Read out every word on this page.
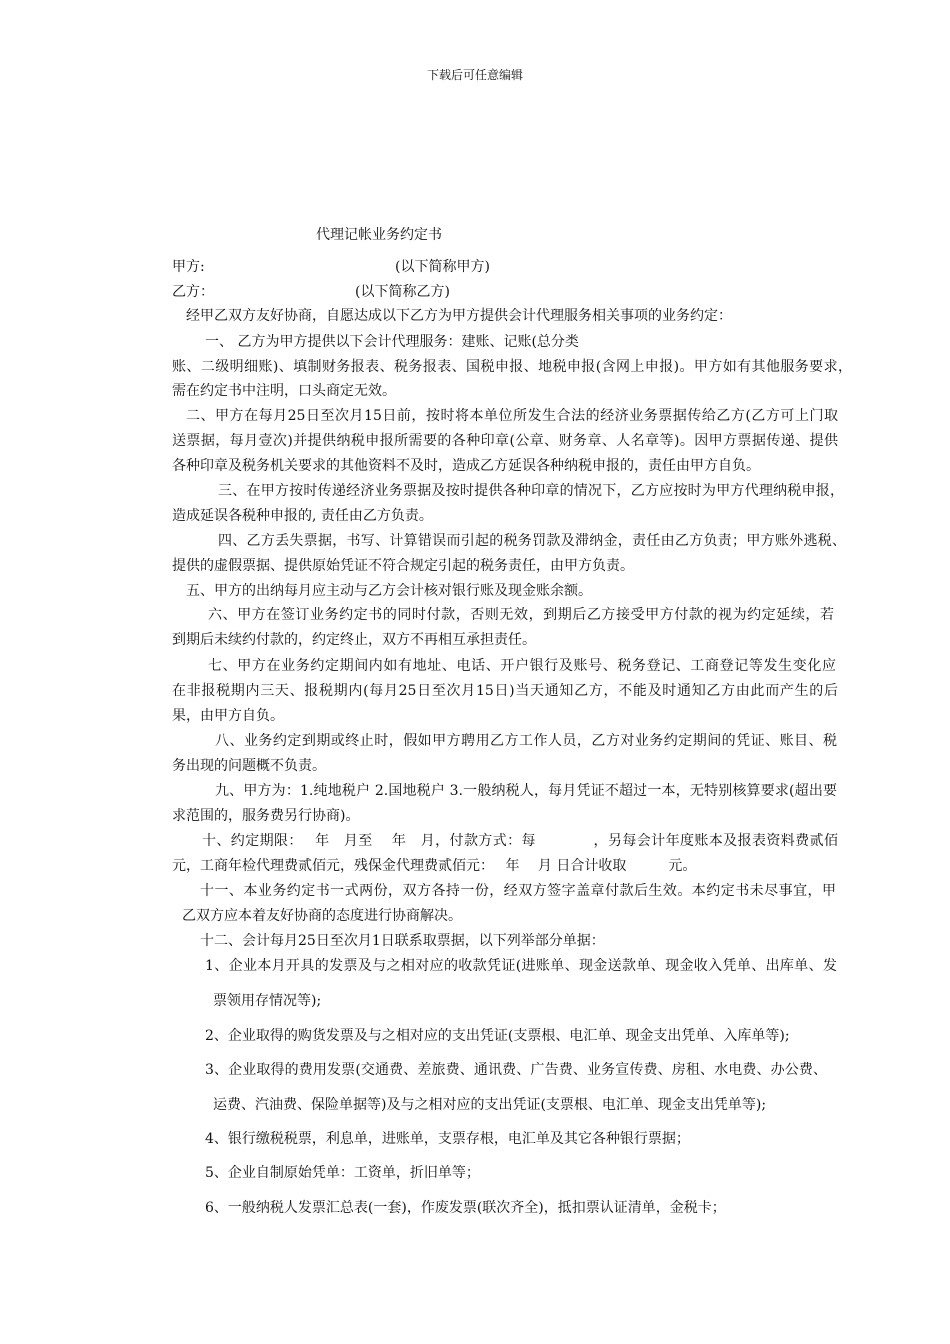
下载后可任意编辑
代理记帐业务约定书
甲方:	(以下简称甲方)
乙方：	(以下简称乙方)
经甲乙双方友好协商，自愿达成以下乙方为甲方提供会计代理服务相关事项的业务约定：
一、 乙方为甲方提供以下会计代理服务：建账、记账(总分类
账、二级明细账)、填制财务报表、税务报表、国税申报、地税申报(含网上申报)。甲方如有其他服务要求，
需在约定书中注明，口头商定无效。
二、甲方在每月25日至次月15日前，按时将本单位所发生合法的经济业务票据传给乙方(乙方可上门取
送票据，每月壹次)并提供纳税申报所需要的各种印章(公章、财务章、人名章等)。因甲方票据传递、提供
各种印章及税务机关要求的其他资料不及时，造成乙方延误各种纳税申报的，责任由甲方自负。
三、在甲方按时传递经济业务票据及按时提供各种印章的情况下，乙方应按时为甲方代理纳税申报，
造成延误各税种申报的, 责任由乙方负责。
四、乙方丢失票据，书写、计算错误而引起的税务罚款及滞纳金，责任由乙方负责；甲方账外逃税、
提供的虚假票据、提供原始凭证不符合规定引起的税务责任，由甲方负责。
五、甲方的出纳每月应主动与乙方会计核对银行账及现金账余额。
六、甲方在签订业务约定书的同时付款，否则无效，到期后乙方接受甲方付款的视为约定延续，若
到期后未续约付款的，约定终止，双方不再相互承担责任。
七、甲方在业务约定期间内如有地址、电话、开户银行及账号、税务登记、工商登记等发生变化应
在非报税期内三天、报税期内(每月25日至次月15日)当天通知乙方，不能及时通知乙方由此而产生的后
果，由甲方自负。
八、业务约定到期或终止时，假如甲方聘用乙方工作人员，乙方对业务约定期间的凭证、账目、税
务出现的问题概不负责。
九、甲方为：1.纯地税户 2.国地税户 3.一般纳税人，每月凭证不超过一本，无特别核算要求(超出要
求范围的，服务费另行协商)。
十、约定期限：　 年　月至　 年　月，付款方式：每　　　　，另每会计年度账本及报表资料费贰佰
元，工商年检代理费贰佰元，残保金代理费贰佰元：　 年　 月 日合计收取　　　元。
十一、本业务约定书一式两份，双方各持一份，经双方签字盖章付款后生效。本约定书未尽事宜，甲
乙双方应本着友好协商的态度进行协商解决。
十二、会计每月25日至次月1日联系取票据，以下列举部分单据：
1、企业本月开具的发票及与之相对应的收款凭证(进账单、现金送款单、现金收入凭单、出库单、发
票领用存情况等);
2、企业取得的购货发票及与之相对应的支出凭证(支票根、电汇单、现金支出凭单、入库单等);
3、企业取得的费用发票(交通费、差旅费、通讯费、广告费、业务宣传费、房租、水电费、办公费、
运费、汽油费、保险单据等)及与之相对应的支出凭证(支票根、电汇单、现金支出凭单等);
4、银行缴税税票，利息单，进账单，支票存根，电汇单及其它各种银行票据；
5、企业自制原始凭单：工资单，折旧单等；
6、一般纳税人发票汇总表(一套)，作废发票(联次齐全)，抵扣票认证清单，金税卡；
